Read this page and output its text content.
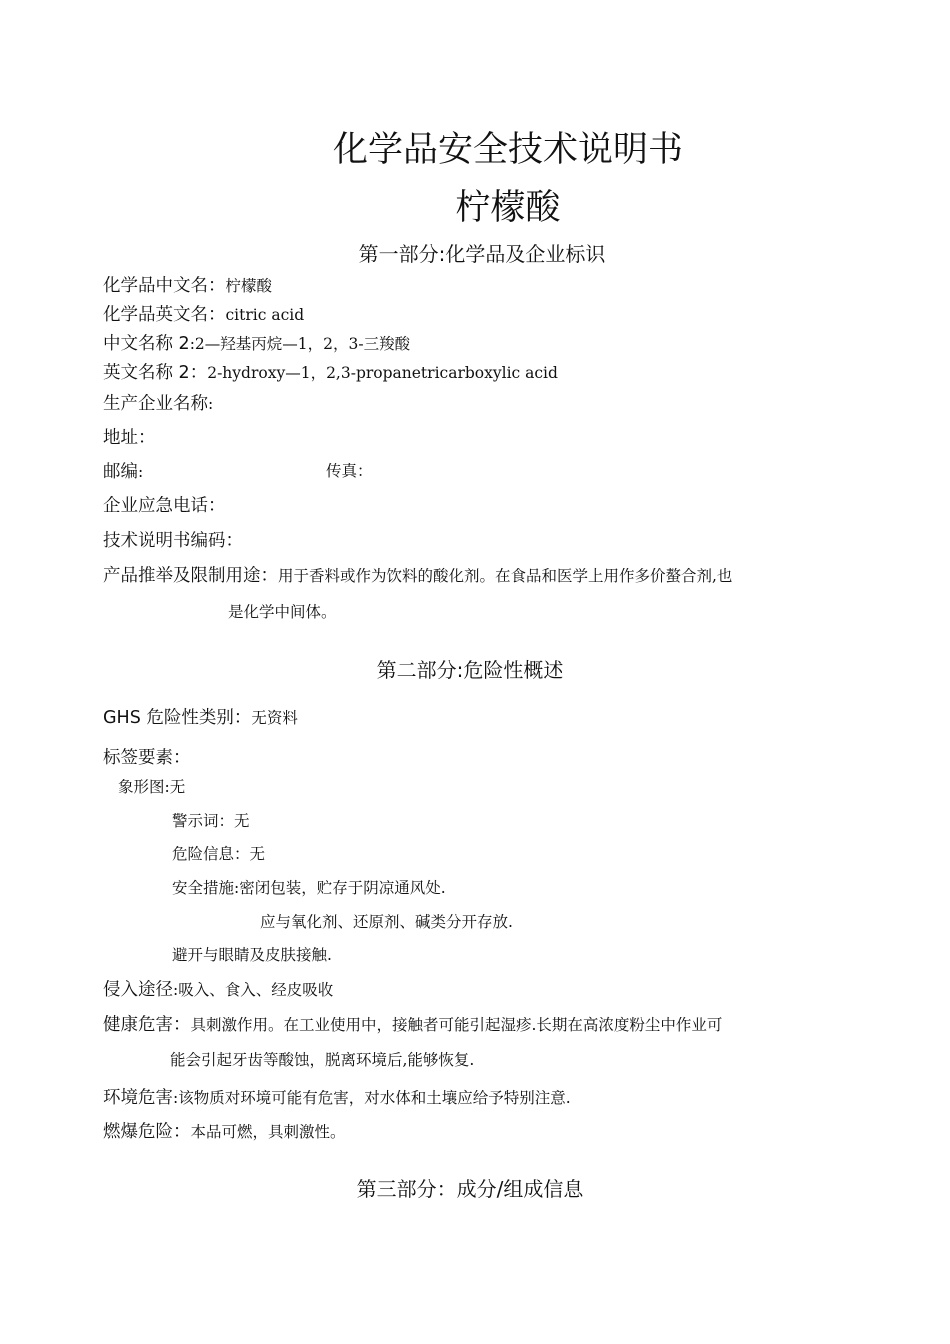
化学品安全技术说明书
柠檬酸
第一部分:化学品及企业标识
化学品中文名：柠檬酸
化学品英文名：citric acid
中文名称 2:2—羟基丙烷—1，2，3-三羧酸
英文名称 2：2-hydroxy—1，2,3-propanetricarboxylic acid
生产企业名称:
地址：
邮编:	传真：
企业应急电话：
技术说明书编码：
产品推举及限制用途：用于香料或作为饮料的酸化剂。在食品和医学上用作多价螯合剂,也
是化学中间体。
第二部分:危险性概述
GHS 危险性类别：无资料
标签要素：
象形图:无
警示词：无
危险信息：无
安全措施:密闭包装，贮存于阴凉通风处.
应与氧化剂、还原剂、碱类分开存放.
避开与眼睛及皮肤接触.
侵入途径:吸入、食入、经皮吸收
健康危害：具刺激作用。在工业使用中，接触者可能引起湿疹.长期在高浓度粉尘中作业可
能会引起牙齿等酸蚀，脱离环境后,能够恢复.
环境危害:该物质对环境可能有危害，对水体和土壤应给予特别注意.
燃爆危险：本品可燃，具刺激性。
第三部分：成分/组成信息
